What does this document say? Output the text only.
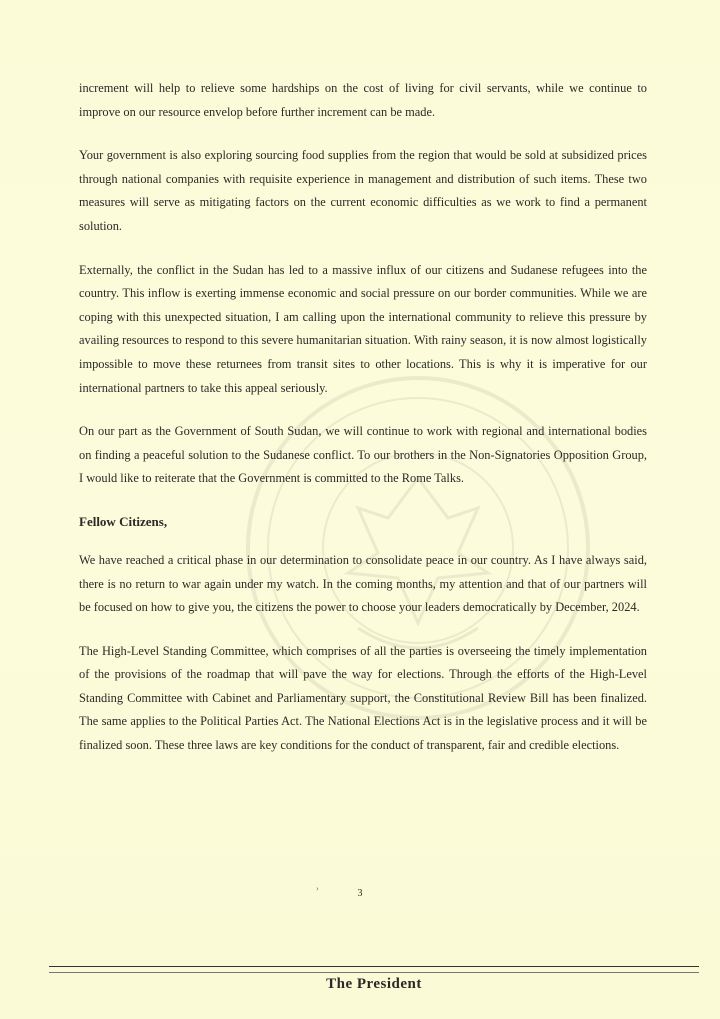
increment will help to relieve some hardships on the cost of living for civil servants, while we continue to improve on our resource envelop before further increment can be made.

Your government is also exploring sourcing food supplies from the region that would be sold at subsidized prices through national companies with requisite experience in management and distribution of such items. These two measures will serve as mitigating factors on the current economic difficulties as we work to find a permanent solution.

Externally, the conflict in the Sudan has led to a massive influx of our citizens and Sudanese refugees into the country. This inflow is exerting immense economic and social pressure on our border communities. While we are coping with this unexpected situation, I am calling upon the international community to relieve this pressure by availing resources to respond to this severe humanitarian situation. With rainy season, it is now almost logistically impossible to move these returnees from transit sites to other locations. This is why it is imperative for our international partners to take this appeal seriously.

On our part as the Government of South Sudan, we will continue to work with regional and international bodies on finding a peaceful solution to the Sudanese conflict. To our brothers in the Non-Signatories Opposition Group, I would like to reiterate that the Government is committed to the Rome Talks.

Fellow Citizens,

We have reached a critical phase in our determination to consolidate peace in our country. As I have always said, there is no return to war again under my watch. In the coming months, my attention and that of our partners will be focused on how to give you, the citizens the power to choose your leaders democratically by December, 2024.

The High-Level Standing Committee, which comprises of all the parties is overseeing the timely implementation of the provisions of the roadmap that will pave the way for elections. Through the efforts of the High-Level Standing Committee with Cabinet and Parliamentary support, the Constitutional Review Bill has been finalized. The same applies to the Political Parties Act. The National Elections Act is in the legislative process and it will be finalized soon. These three laws are key conditions for the conduct of transparent, fair and credible elections.

›	3
The President
